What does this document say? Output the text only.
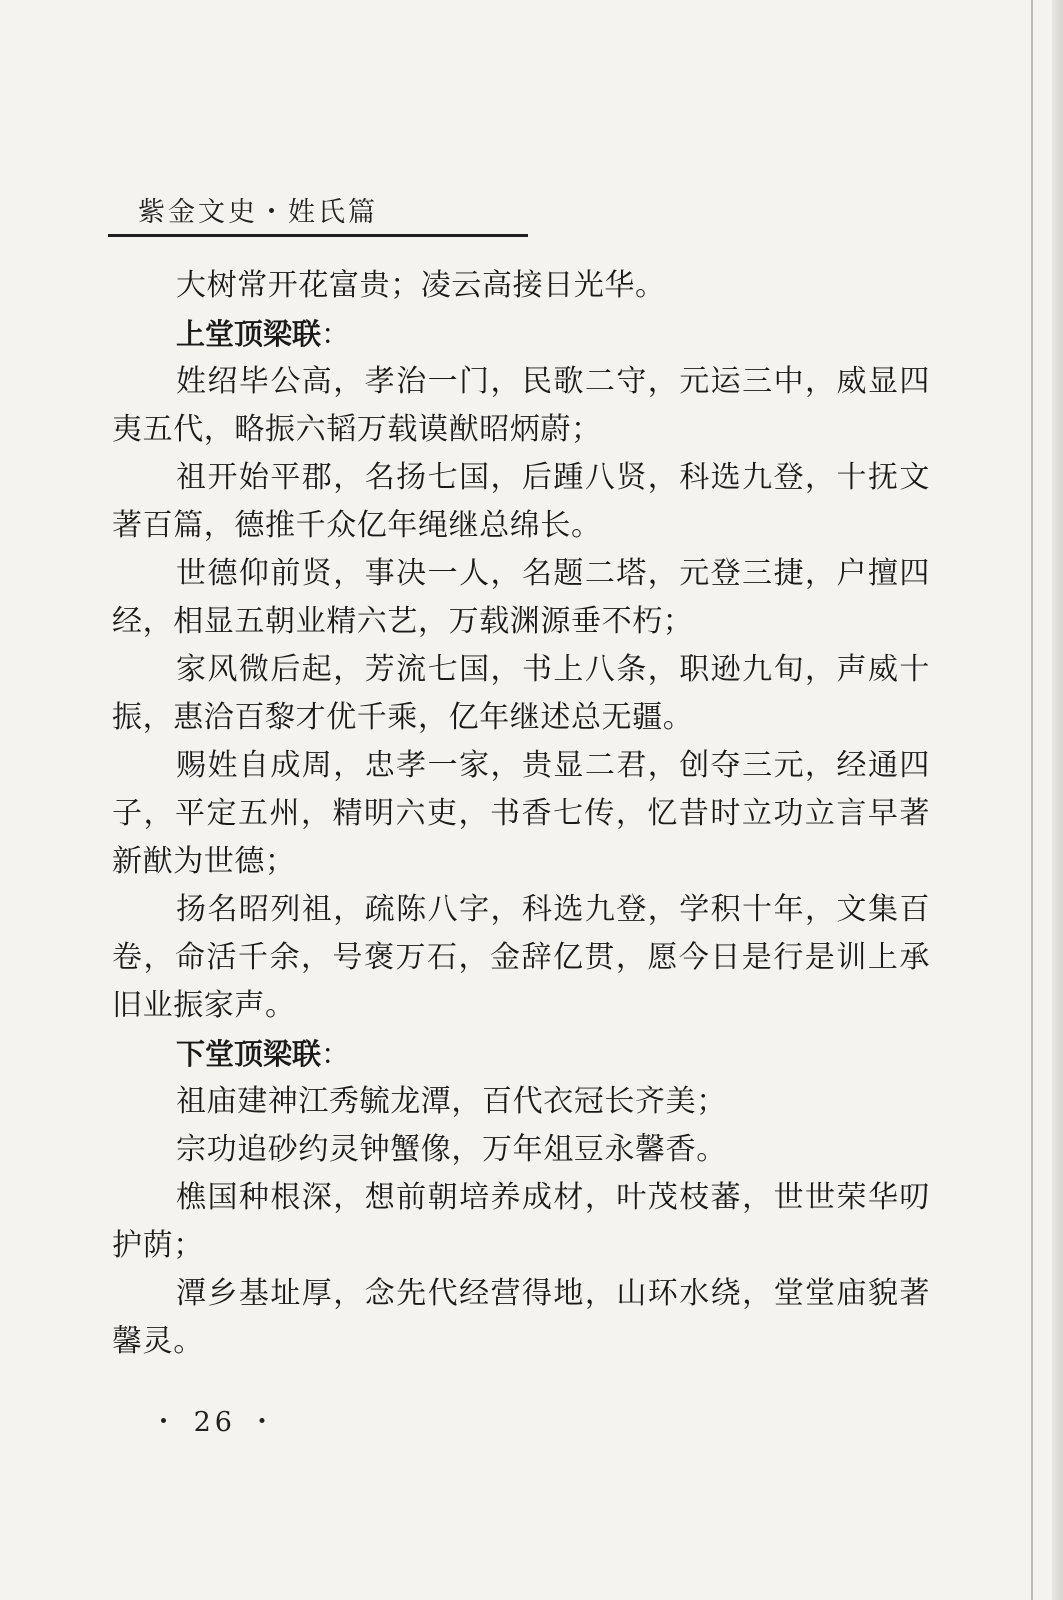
紫金文史・姓氏篇

大树常开花富贵；凌云高接日光华。

上堂顶梁联：

姓绍毕公高，孝治一门，民歌二守，元运三中，威显四夷五代，略振六韬万载谟猷昭炳蔚；

祖开始平郡，名扬七国，后踵八贤，科选九登，十抚文著百篇，德推千众亿年绳继总绵长。

世德仰前贤，事决一人，名题二塔，元登三捷，户擅四经，相显五朝业精六艺，万载渊源垂不朽；

家风微后起，芳流七国，书上八条，职逊九旬，声威十振，惠洽百黎才优千乘，亿年继述总无疆。

赐姓自成周，忠孝一家，贵显二君，创夺三元，经通四子，平定五州，精明六吏，书香七传，忆昔时立功立言早著新猷为世德；

扬名昭列祖，疏陈八字，科选九登，学积十年，文集百卷，命活千余，号褒万石，金辞亿贯，愿今日是行是训上承旧业振家声。

下堂顶梁联：

祖庙建神江秀毓龙潭，百代衣冠长齐美；

宗功追砂约灵钟蟹像，万年俎豆永馨香。

樵国种根深，想前朝培养成材，叶茂枝蕃，世世荣华叨护荫；

潭乡基址厚，念先代经营得地，山环水绕，堂堂庙貌著馨灵。

・ 26 ・
